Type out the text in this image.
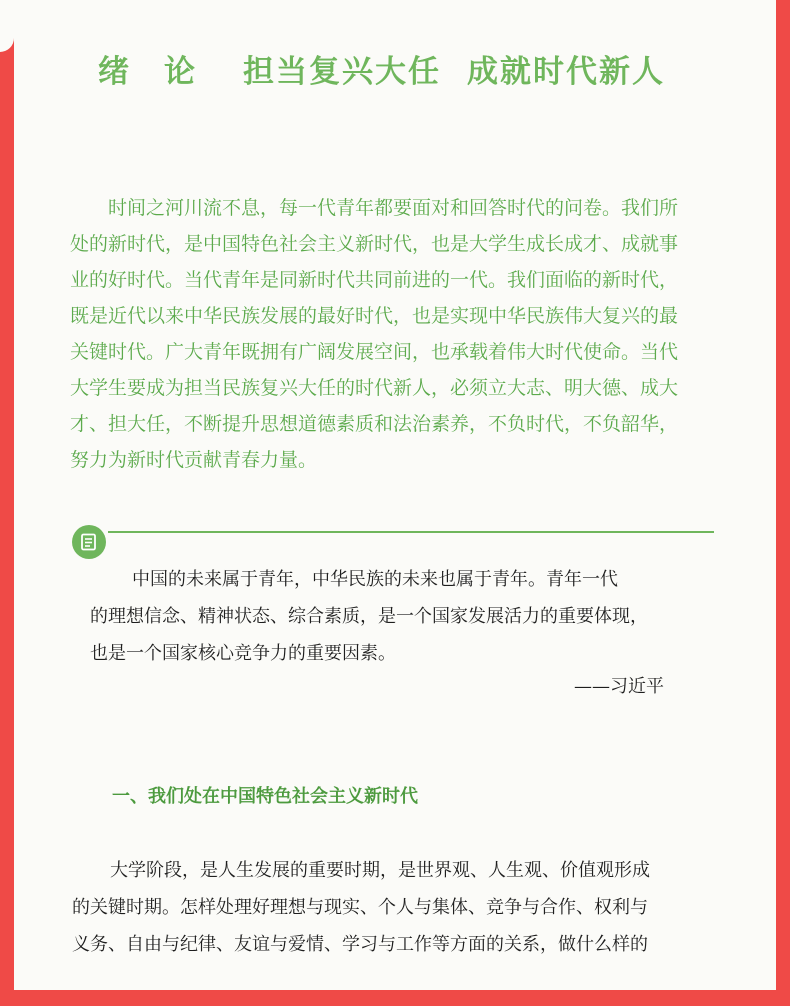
绪　论 担当复兴大任 成就时代新人
　　时间之河川流不息，每一代青年都要面对和回答时代的问卷。我们所
处的新时代，是中国特色社会主义新时代，也是大学生成长成才、成就事
业的好时代。当代青年是同新时代共同前进的一代。我们面临的新时代，
既是近代以来中华民族发展的最好时代，也是实现中华民族伟大复兴的最
关键时代。广大青年既拥有广阔发展空间，也承载着伟大时代使命。当代
大学生要成为担当民族复兴大任的时代新人，必须立大志、明大德、成大
才、担大任，不断提升思想道德素质和法治素养，不负时代，不负韶华，
努力为新时代贡献青春力量。
中国的未来属于青年，中华民族的未来也属于青年。青年一代
的理想信念、精神状态、综合素质，是一个国家发展活力的重要体现，
也是一个国家核心竞争力的重要因素。
——习近平
一、我们处在中国特色社会主义新时代
大学阶段，是人生发展的重要时期，是世界观、人生观、价值观形成
的关键时期。怎样处理好理想与现实、个人与集体、竞争与合作、权利与
义务、自由与纪律、友谊与爱情、学习与工作等方面的关系，做什么样的
